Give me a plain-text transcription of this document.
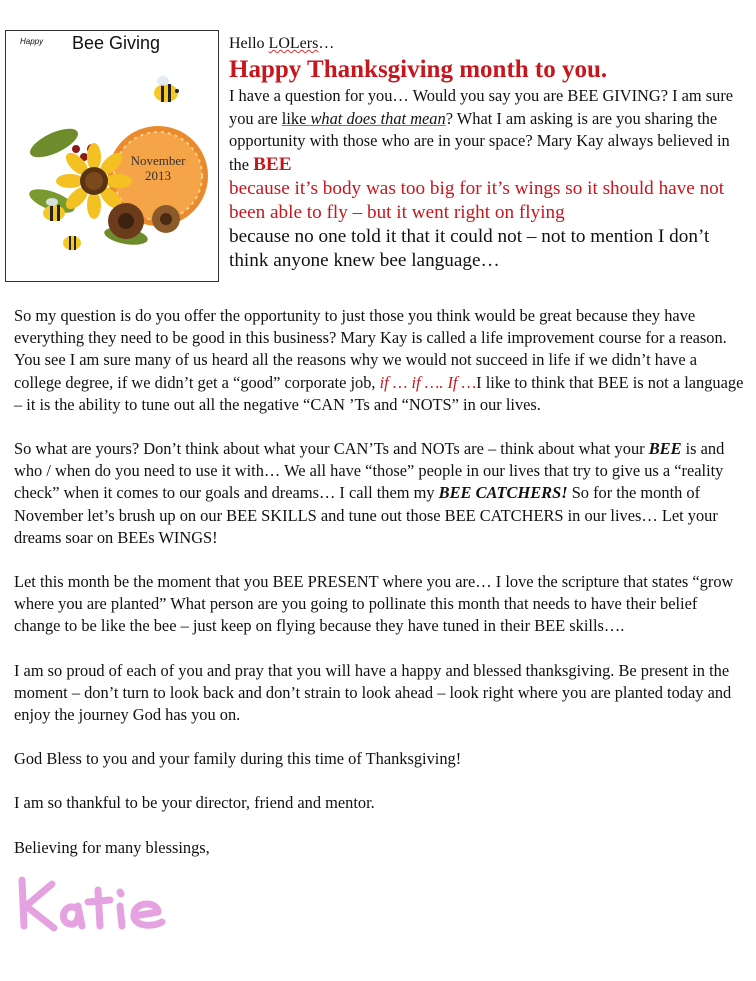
Happy Bee Giving
November
2013
Hello LOLers…
Happy Thanksgiving month to you.

I have a question for you… Would you say you are BEE GIVING? I am sure you are like what does that mean? What I am asking is are you sharing the opportunity with those who are in your space? Mary Kay always believed in the BEE

because it’s body was too big for it’s wings so it should have not been able to fly – but it went right on flying

because no one told it that it could not – not to mention I don’t think anyone knew bee language…

So my question is do you offer the opportunity to just those you think would be great because they have everything they need to be good in this business? Mary Kay is called a life improvement course for a reason. You see I am sure many of us heard all the reasons why we would not succeed in life if we didn’t have a college degree, if we didn’t get a “good” corporate job, if … if …. If …I like to think that BEE is not a language – it is the ability to tune out all the negative “CAN ’Ts and “NOTS” in our lives.

So what are yours? Don’t think about what your CAN’Ts and NOTs are – think about what your BEE is and who / when do you need to use it with… We all have “those” people in our lives that try to give us a “reality check” when it comes to our goals and dreams… I call them my BEE CATCHERS! So for the month of November let’s brush up on our BEE SKILLS and tune out those BEE CATCHERS in our lives… Let your dreams soar on BEEs WINGS!

Let this month be the moment that you BEE PRESENT where you are… I love the scripture that states “grow where you are planted” What person are you going to pollinate this month that needs to have their belief change to be like the bee – just keep on flying because they have tuned in their BEE skills….

I am so proud of each of you and pray that you will have a happy and blessed thanksgiving. Be present in the moment – don’t turn to look back and don’t strain to look ahead – look right where you are planted today and enjoy the journey God has you on.

God Bless to you and your family during this time of Thanksgiving!

I am so thankful to be your director, friend and mentor.

Believing for many blessings,
